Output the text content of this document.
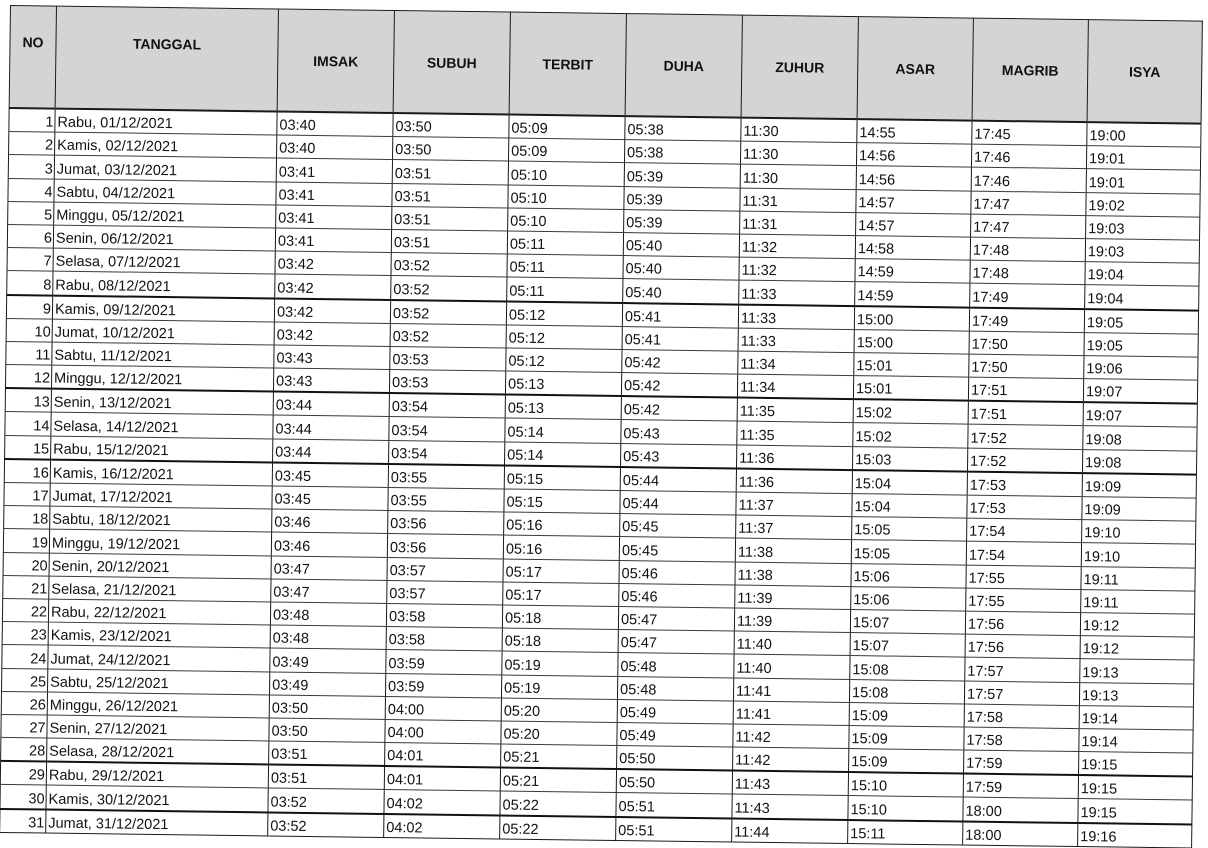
NO	TANGGAL	IMSAK	SUBUH	TERBIT	DUHA	ZUHUR	ASAR	MAGRIB	ISYA
1	Rabu, 01/12/2021	03:40	03:50	05:09	05:38	11:30	14:55	17:45	19:00
2	Kamis, 02/12/2021	03:40	03:50	05:09	05:38	11:30	14:56	17:46	19:01
3	Jumat, 03/12/2021	03:41	03:51	05:10	05:39	11:30	14:56	17:46	19:01
4	Sabtu, 04/12/2021	03:41	03:51	05:10	05:39	11:31	14:57	17:47	19:02
5	Minggu, 05/12/2021	03:41	03:51	05:10	05:39	11:31	14:57	17:47	19:03
6	Senin, 06/12/2021	03:41	03:51	05:11	05:40	11:32	14:58	17:48	19:03
7	Selasa, 07/12/2021	03:42	03:52	05:11	05:40	11:32	14:59	17:48	19:04
8	Rabu, 08/12/2021	03:42	03:52	05:11	05:40	11:33	14:59	17:49	19:04
9	Kamis, 09/12/2021	03:42	03:52	05:12	05:41	11:33	15:00	17:49	19:05
10	Jumat, 10/12/2021	03:42	03:52	05:12	05:41	11:33	15:00	17:50	19:05
11	Sabtu, 11/12/2021	03:43	03:53	05:12	05:42	11:34	15:01	17:50	19:06
12	Minggu, 12/12/2021	03:43	03:53	05:13	05:42	11:34	15:01	17:51	19:07
13	Senin, 13/12/2021	03:44	03:54	05:13	05:42	11:35	15:02	17:51	19:07
14	Selasa, 14/12/2021	03:44	03:54	05:14	05:43	11:35	15:02	17:52	19:08
15	Rabu, 15/12/2021	03:44	03:54	05:14	05:43	11:36	15:03	17:52	19:08
16	Kamis, 16/12/2021	03:45	03:55	05:15	05:44	11:36	15:04	17:53	19:09
17	Jumat, 17/12/2021	03:45	03:55	05:15	05:44	11:37	15:04	17:53	19:09
18	Sabtu, 18/12/2021	03:46	03:56	05:16	05:45	11:37	15:05	17:54	19:10
19	Minggu, 19/12/2021	03:46	03:56	05:16	05:45	11:38	15:05	17:54	19:10
20	Senin, 20/12/2021	03:47	03:57	05:17	05:46	11:38	15:06	17:55	19:11
21	Selasa, 21/12/2021	03:47	03:57	05:17	05:46	11:39	15:06	17:55	19:11
22	Rabu, 22/12/2021	03:48	03:58	05:18	05:47	11:39	15:07	17:56	19:12
23	Kamis, 23/12/2021	03:48	03:58	05:18	05:47	11:40	15:07	17:56	19:12
24	Jumat, 24/12/2021	03:49	03:59	05:19	05:48	11:40	15:08	17:57	19:13
25	Sabtu, 25/12/2021	03:49	03:59	05:19	05:48	11:41	15:08	17:57	19:13
26	Minggu, 26/12/2021	03:50	04:00	05:20	05:49	11:41	15:09	17:58	19:14
27	Senin, 27/12/2021	03:50	04:00	05:20	05:49	11:42	15:09	17:58	19:14
28	Selasa, 28/12/2021	03:51	04:01	05:21	05:50	11:42	15:09	17:59	19:15
29	Rabu, 29/12/2021	03:51	04:01	05:21	05:50	11:43	15:10	17:59	19:15
30	Kamis, 30/12/2021	03:52	04:02	05:22	05:51	11:43	15:10	18:00	19:15
31	Jumat, 31/12/2021	03:52	04:02	05:22	05:51	11:44	15:11	18:00	19:16
